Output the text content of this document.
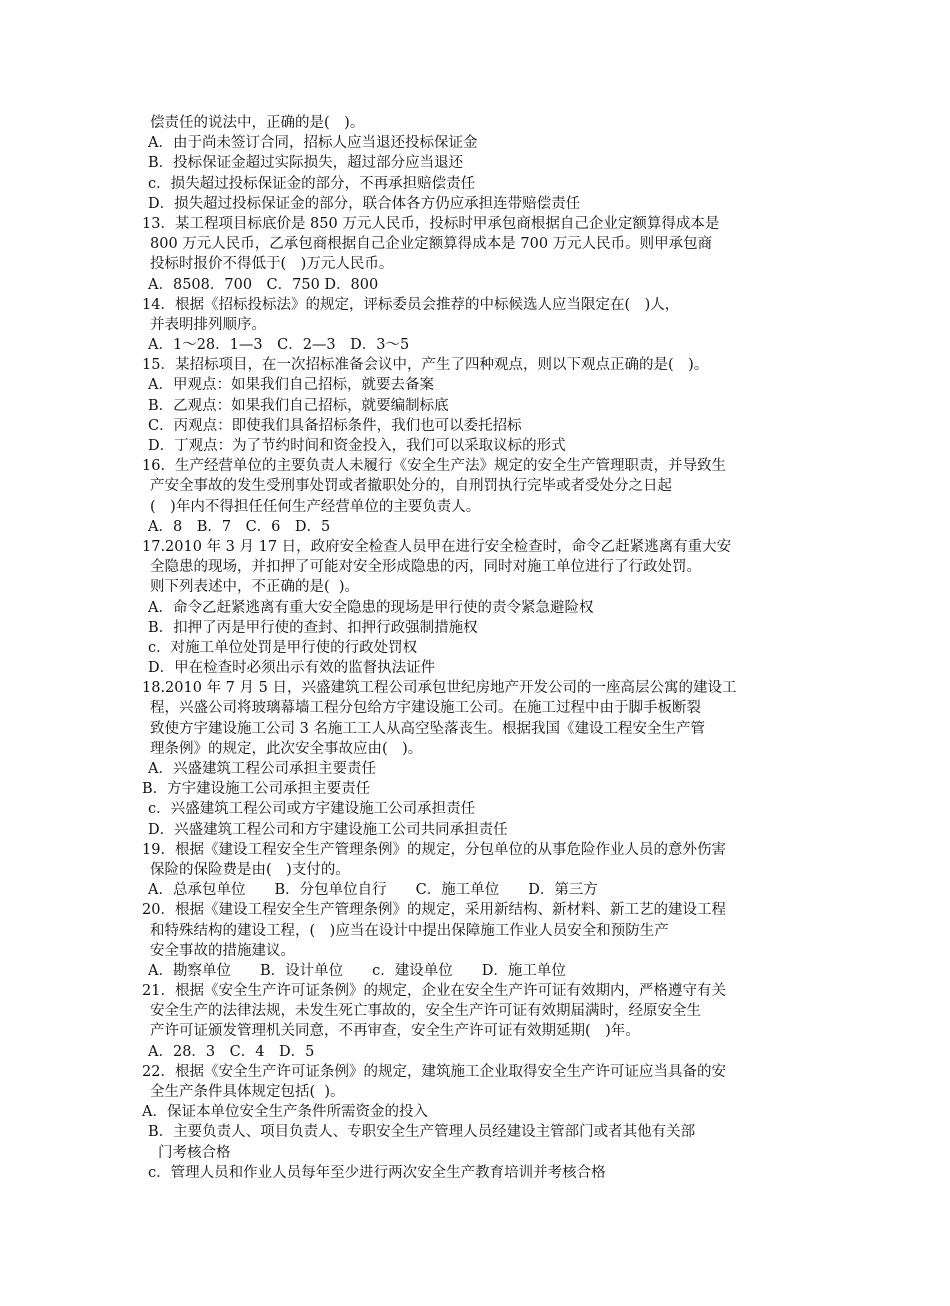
偿责任的说法中，正确的是(　)。
A．由于尚未签订合同，招标人应当退还投标保证金
B．投标保证金超过实际损失，超过部分应当退还
c．损失超过投标保证金的部分，不再承担赔偿责任
D．损失超过投标保证金的部分，联合体各方仍应承担连带赔偿责任
13．某工程项目标底价是 850 万元人民币，投标时甲承包商根据自己企业定额算得成本是
800 万元人民币，乙承包商根据自己企业定额算得成本是 700 万元人民币。则甲承包商
投标时报价不得低于(　)万元人民币。
A．8508．700　C．750 D．800
14．根据《招标投标法》的规定，评标委员会推荐的中标候选人应当限定在(　)人，
并表明排列顺序。
A．1～28．1—3　C．2—3　D．3～5
15．某招标项目，在一次招标准备会议中，产生了四种观点，则以下观点正确的是(　)。
A．甲观点：如果我们自己招标，就要去备案
B．乙观点：如果我们自己招标，就要编制标底
C．丙观点：即使我们具备招标条件，我们也可以委托招标
D．丁观点：为了节约时间和资金投入，我们可以采取议标的形式
16．生产经营单位的主要负责人未履行《安全生产法》规定的安全生产管理职责，并导致生
产安全事故的发生受刑事处罚或者撤职处分的，自刑罚执行完毕或者受处分之日起
(　)年内不得担任任何生产经营单位的主要负责人。
A．8　B．7　C．6　D．5
17.2010 年 3 月 17 日，政府安全检查人员甲在进行安全检查时，命令乙赶紧逃离有重大安
全隐患的现场，并扣押了可能对安全形成隐患的丙，同时对施工单位进行了行政处罚。
则下列表述中，不正确的是(  )。
A．命令乙赶紧逃离有重大安全隐患的现场是甲行使的责令紧急避险权
B．扣押了丙是甲行使的查封、扣押行政强制措施权
c．对施工单位处罚是甲行使的行政处罚权
D．甲在检查时必须出示有效的监督执法证件
18.2010 年 7 月 5 日，兴盛建筑工程公司承包世纪房地产开发公司的一座高层公寓的建设工
程，兴盛公司将玻璃幕墙工程分包给方宇建设施工公司。在施工过程中由于脚手板断裂
致使方宇建设施工公司 3 名施工工人从高空坠落丧生。根据我国《建设工程安全生产管
理条例》的规定，此次安全事故应由(　)。
A．兴盛建筑工程公司承担主要责任
B．方宇建设施工公司承担主要责任
c．兴盛建筑工程公司或方宇建设施工公司承担责任
D．兴盛建筑工程公司和方宇建设施工公司共同承担责任
19．根据《建设工程安全生产管理条例》的规定，分包单位的从事危险作业人员的意外伤害
保险的保险费是由(　)支付的。
A．总承包单位　　B．分包单位自行　　C．施工单位　　D．第三方
20．根据《建设工程安全生产管理条例》的规定，采用新结构、新材料、新工艺的建设工程
和特殊结构的建设工程，(　)应当在设计中提出保障施工作业人员安全和预防生产
安全事故的措施建议。
A．勘察单位　　B．设计单位　　c．建设单位　　D．施工单位
21．根据《安全生产许可证条例》的规定，企业在安全生产许可证有效期内，严格遵守有关
安全生产的法律法规，未发生死亡事故的，安全生产许可证有效期届满时，经原安全生
产许可证颁发管理机关同意，不再审查，安全生产许可证有效期延期(　)年。
A．28．3　C．4　D．5
22．根据《安全生产许可证条例》的规定，建筑施工企业取得安全生产许可证应当具备的安
全生产条件具体规定包括(  )。
A．保证本单位安全生产条件所需资金的投入
B．主要负责人、项目负责人、专职安全生产管理人员经建设主管部门或者其他有关部
门考核合格
c．管理人员和作业人员每年至少进行两次安全生产教育培训并考核合格
